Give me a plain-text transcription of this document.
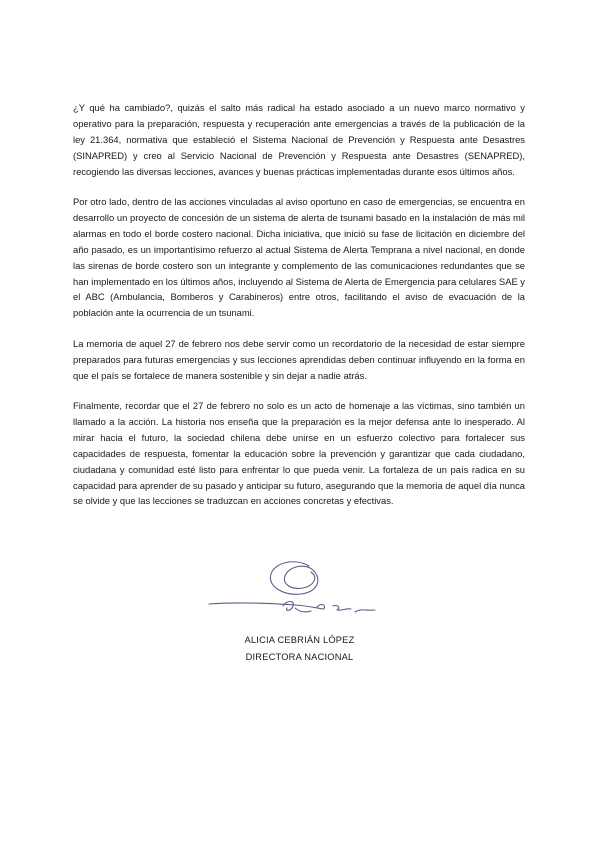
¿Y qué ha cambiado?, quizás el salto más radical ha estado asociado a un nuevo marco normativo y operativo para la preparación, respuesta y recuperación ante emergencias a través de la publicación de la ley 21.364, normativa que estableció el Sistema Nacional de Prevención y Respuesta ante Desastres (SINAPRED) y creo al Servicio Nacional de Prevención y Respuesta ante Desastres (SENAPRED), recogiendo las diversas lecciones, avances y buenas prácticas implementadas durante esos últimos años.

Por otro lado, dentro de las acciones vinculadas al aviso oportuno en caso de emergencias, se encuentra en desarrollo un proyecto de concesión de un sistema de alerta de tsunami basado en la instalación de más mil alarmas en todo el borde costero nacional. Dicha iniciativa, que inició su fase de licitación en diciembre del año pasado, es un importantísimo refuerzo al actual Sistema de Alerta Temprana a nivel nacional, en donde las sirenas de borde costero son un integrante y complemento de las comunicaciones redundantes que se han implementado en los últimos años, incluyendo al Sistema de Alerta de Emergencia para celulares SAE y el ABC (Ambulancia, Bomberos y Carabineros) entre otros, facilitando el aviso de evacuación de la población ante la ocurrencia de un tsunami.

La memoria de aquel 27 de febrero nos debe servir como un recordatorio de la necesidad de estar siempre preparados para futuras emergencias y sus lecciones aprendidas deben continuar influyendo en la forma en que el país se fortalece de manera sostenible y sin dejar a nadie atrás.

Finalmente, recordar que el 27 de febrero no solo es un acto de homenaje a las víctimas, sino también un llamado a la acción. La historia nos enseña que la preparación es la mejor defensa ante lo inesperado. Al mirar hacia el futuro, la sociedad chilena debe unirse en un esfuerzo colectivo para fortalecer sus capacidades de respuesta, fomentar la educación sobre la prevención y garantizar que cada ciudadano, ciudadana y comunidad esté listo para enfrentar lo que pueda venir. La fortaleza de un país radica en su capacidad para aprender de su pasado y anticipar su futuro, asegurando que la memoria de aquel día nunca se olvide y que las lecciones se traduzcan en acciones concretas y efectivas.

ALICIA CEBRIÁN LÓPEZ
DIRECTORA NACIONAL
